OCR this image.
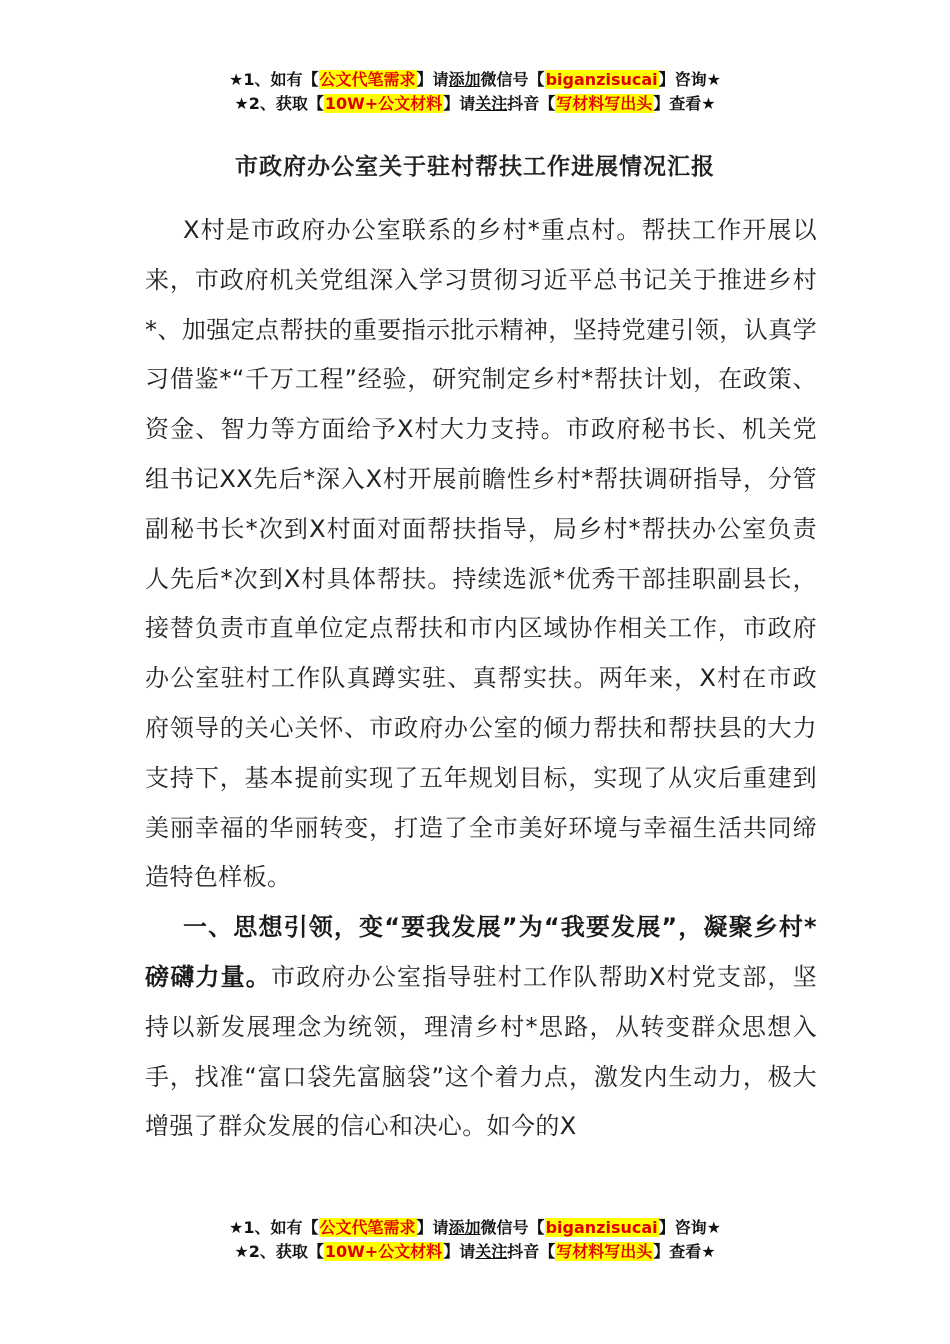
★1、如有【公文代笔需求】请添加微信号【biganzisucai】咨询★
★2、获取【10W+公文材料】请关注抖音【写材料写出头】查看★
市政府办公室关于驻村帮扶工作进展情况汇报

X村是市政府办公室联系的乡村*重点村。帮扶工作开展以来，市政府机关党组深入学习贯彻习近平总书记关于推进乡村*、加强定点帮扶的重要指示批示精神，坚持党建引领，认真学习借鉴*“千万工程”经验，研究制定乡村*帮扶计划，在政策、资金、智力等方面给予X村大力支持。市政府秘书长、机关党组书记XX先后*深入X村开展前瞻性乡村*帮扶调研指导，分管副秘书长*次到X村面对面帮扶指导，局乡村*帮扶办公室负责人先后*次到X村具体帮扶。持续选派*优秀干部挂职副县长，接替负责市直单位定点帮扶和市内区域协作相关工作，市政府办公室驻村工作队真蹲实驻、真帮实扶。两年来，X村在市政府领导的关心关怀、市政府办公室的倾力帮扶和帮扶县的大力支持下，基本提前实现了五年规划目标，实现了从灾后重建到美丽幸福的华丽转变，打造了全市美好环境与幸福生活共同缔造特色样板。

一、思想引领，变“要我发展”为“我要发展”，凝聚乡村*磅礴力量。市政府办公室指导驻村工作队帮助X村党支部，坚持以新发展理念为统领，理清乡村*思路，从转变群众思想入手，找准“富口袋先富脑袋”这个着力点，激发内生动力，极大增强了群众发展的信心和决心。如今的X

★1、如有【公文代笔需求】请添加微信号【biganzisucai】咨询★
★2、获取【10W+公文材料】请关注抖音【写材料写出头】查看★
